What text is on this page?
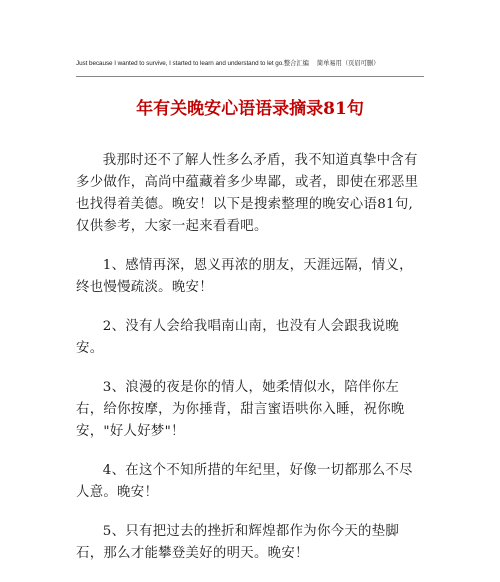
Just because I wanted to survive, I started to learn and understand to let go.整合汇编 简单易用（页眉可删）
年有关晚安心语语录摘录81句

我那时还不了解人性多么矛盾，我不知道真挚中含有多少做作，高尚中蕴藏着多少卑鄙，或者，即使在邪恶里也找得着美德。晚安！以下是搜索整理的晚安心语81句,仅供参考，大家一起来看看吧。

1、感情再深，恩义再浓的朋友，天涯远隔，情义，终也慢慢疏淡。晚安！

2、没有人会给我唱南山南，也没有人会跟我说晚安。

3、浪漫的夜是你的情人，她柔情似水，陪伴你左右，给你按摩，为你捶背，甜言蜜语哄你入睡，祝你晚安，"好人好梦"！

4、在这个不知所措的年纪里，好像一切都那么不尽人意。晚安！

5、只有把过去的挫折和辉煌都作为你今天的垫脚石，那么才能攀登美好的明天。晚安！
